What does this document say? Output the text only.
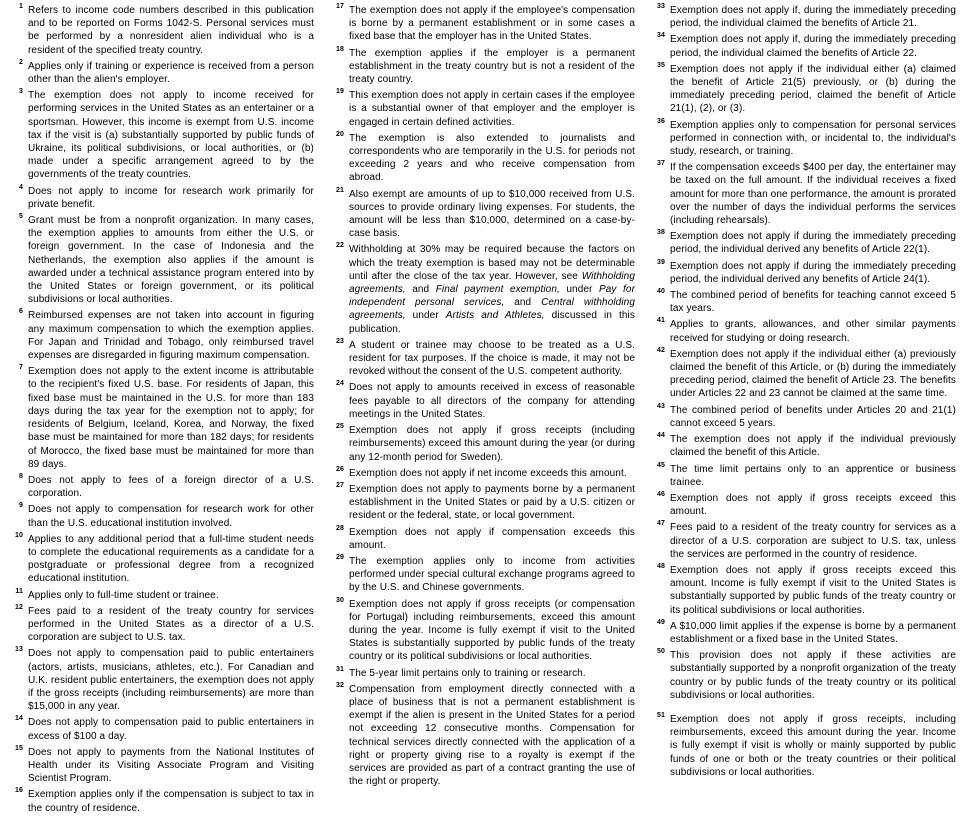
1 Refers to income code numbers described in this publication and to be reported on Forms 1042-S. Personal services must be performed by a nonresident alien individual who is a resident of the specified treaty country.
2 Applies only if training or experience is received from a person other than the alien's employer.
3 The exemption does not apply to income received for performing services in the United States as an entertainer or a sportsman. However, this income is exempt from U.S. income tax if the visit is (a) substantially supported by public funds of Ukraine, its political subdivisions, or local authorities, or (b) made under a specific arrangement agreed to by the governments of the treaty countries.
4 Does not apply to income for research work primarily for private benefit.
5 Grant must be from a nonprofit organization. In many cases, the exemption applies to amounts from either the U.S. or foreign government. In the case of Indonesia and the Netherlands, the exemption also applies if the amount is awarded under a technical assistance program entered into by the United States or foreign government, or its political subdivisions or local authorities.
6 Reimbursed expenses are not taken into account in figuring any maximum compensation to which the exemption applies. For Japan and Trinidad and Tobago, only reimbursed travel expenses are disregarded in figuring maximum compensation.
7 Exemption does not apply to the extent income is attributable to the recipient's fixed U.S. base. For residents of Japan, this fixed base must be maintained in the U.S. for more than 183 days during the tax year for the exemption not to apply; for residents of Belgium, Iceland, Korea, and Norway, the fixed base must be maintained for more than 182 days; for residents of Morocco, the fixed base must be maintained for more than 89 days.
8 Does not apply to fees of a foreign director of a U.S. corporation.
9 Does not apply to compensation for research work for other than the U.S. educational institution involved.
10 Applies to any additional period that a full-time student needs to complete the educational requirements as a candidate for a postgraduate or professional degree from a recognized educational institution.
11 Applies only to full-time student or trainee.
12 Fees paid to a resident of the treaty country for services performed in the United States as a director of a U.S. corporation are subject to U.S. tax.
13 Does not apply to compensation paid to public entertainers (actors, artists, musicians, athletes, etc.). For Canadian and U.K. resident public entertainers, the exemption does not apply if the gross receipts (including reimbursements) are more than $15,000 in any year.
14 Does not apply to compensation paid to public entertainers in excess of $100 a day.
15 Does not apply to payments from the National Institutes of Health under its Visiting Associate Program and Visiting Scientist Program.
16 Exemption applies only if the compensation is subject to tax in the country of residence.
17 The exemption does not apply if the employee's compensation is borne by a permanent establishment or in some cases a fixed base that the employer has in the United States.
18 The exemption applies if the employer is a permanent establishment in the treaty country but is not a resident of the treaty country.
19 This exemption does not apply in certain cases if the employee is a substantial owner of that employer and the employer is engaged in certain defined activities.
20 The exemption is also extended to journalists and correspondents who are temporarily in the U.S. for periods not exceeding 2 years and who receive compensation from abroad.
21 Also exempt are amounts of up to $10,000 received from U.S. sources to provide ordinary living expenses. For students, the amount will be less than $10,000, determined on a case-by-case basis.
22 Withholding at 30% may be required because the factors on which the treaty exemption is based may not be determinable until after the close of the tax year. However, see Withholding agreements, and Final payment exemption, under Pay for independent personal services, and Central withholding agreements, under Artists and Athletes, discussed in this publication.
23 A student or trainee may choose to be treated as a U.S. resident for tax purposes. If the choice is made, it may not be revoked without the consent of the U.S. competent authority.
24 Does not apply to amounts received in excess of reasonable fees payable to all directors of the company for attending meetings in the United States.
25 Exemption does not apply if gross receipts (including reimbursements) exceed this amount during the year (or during any 12-month period for Sweden).
26 Exemption does not apply if net income exceeds this amount.
27 Exemption does not apply to payments borne by a permanent establishment in the United States or paid by a U.S. citizen or resident or the federal, state, or local government.
28 Exemption does not apply if compensation exceeds this amount.
29 The exemption applies only to income from activities performed under special cultural exchange programs agreed to by the U.S. and Chinese governments.
30 Exemption does not apply if gross receipts (or compensation for Portugal) including reimbursements, exceed this amount during the year. Income is fully exempt if visit to the United States is substantially supported by public funds of the treaty country or its political subdivisions or local authorities.
31 The 5-year limit pertains only to training or research.
32 Compensation from employment directly connected with a place of business that is not a permanent establishment is exempt if the alien is present in the United States for a period not exceeding 12 consecutive months. Compensation for technical services directly connected with the application of a right or property giving rise to a royalty is exempt if the services are provided as part of a contract granting the use of the right or property.
33 Exemption does not apply if, during the immediately preceding period, the individual claimed the benefits of Article 21.
34 Exemption does not apply if, during the immediately preceding period, the individual claimed the benefits of Article 22.
35 Exemption does not apply if the individual either (a) claimed the benefit of Article 21(5) previously, or (b) during the immediately preceding period, claimed the benefit of Article 21(1), (2), or (3).
36 Exemption applies only to compensation for personal services performed in connection with, or incidental to, the individual's study, research, or training.
37 If the compensation exceeds $400 per day, the entertainer may be taxed on the full amount. If the individual receives a fixed amount for more than one performance, the amount is prorated over the number of days the individual performs the services (including rehearsals).
38 Exemption does not apply if during the immediately preceding period, the individual derived any benefits of Article 22(1).
39 Exemption does not apply if during the immediately preceding period, the individual derived any benefits of Article 24(1).
40 The combined period of benefits for teaching cannot exceed 5 tax years.
41 Applies to grants, allowances, and other similar payments received for studying or doing research.
42 Exemption does not apply if the individual either (a) previously claimed the benefit of this Article, or (b) during the immediately preceding period, claimed the benefit of Article 23. The benefits under Articles 22 and 23 cannot be claimed at the same time.
43 The combined period of benefits under Articles 20 and 21(1) cannot exceed 5 years.
44 The exemption does not apply if the individual previously claimed the benefit of this Article.
45 The time limit pertains only to an apprentice or business trainee.
46 Exemption does not apply if gross receipts exceed this amount.
47 Fees paid to a resident of the treaty country for services as a director of a U.S. corporation are subject to U.S. tax, unless the services are performed in the country of residence.
48 Exemption does not apply if gross receipts exceed this amount. Income is fully exempt if visit to the United States is substantially supported by public funds of the treaty country or its political subdivisions or local authorities.
49 A $10,000 limit applies if the expense is borne by a permanent establishment or a fixed base in the United States.
50 This provision does not apply if these activities are substantially supported by a nonprofit organization of the treaty country or by public funds of the treaty country or its political subdivisions or local authorities.
51 Exemption does not apply if gross receipts, including reimbursements, exceed this amount during the year. Income is fully exempt if visit is wholly or mainly supported by public funds of one or both or the treaty countries or their political subdivisions or local authorities.
